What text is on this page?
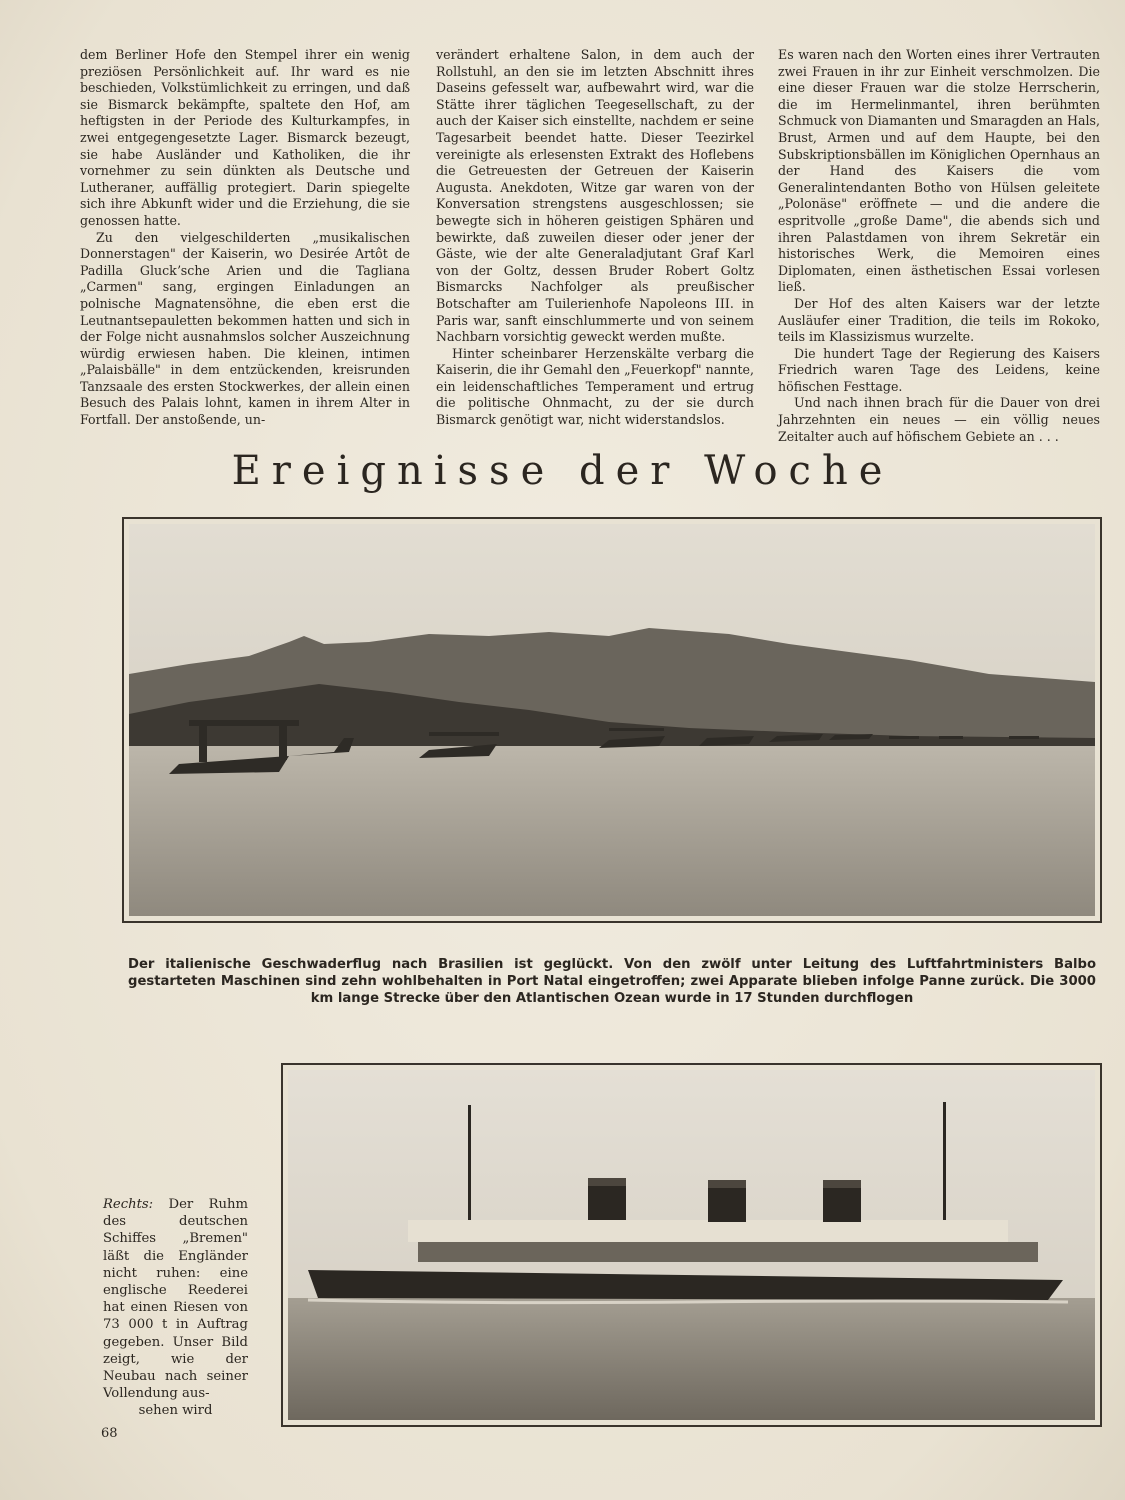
dem Berliner Hofe den Stempel ihrer ein wenig preziösen Persönlichkeit auf. Ihr ward es nie beschieden, Volkstümlichkeit zu erringen, und daß sie Bismarck bekämpfte, spaltete den Hof, am heftigsten in der Periode des Kulturkampfes, in zwei entgegengesetzte Lager. Bismarck bezeugt, sie habe Ausländer und Katholiken, die ihr vornehmer zu sein dünkten als Deutsche und Lutheraner, auffällig protegiert. Darin spiegelte sich ihre Abkunft wider und die Erziehung, die sie genossen hatte.

Zu den vielgeschilderten „musikalischen Donnerstagen" der Kaiserin, wo Desirée Artôt de Padilla Gluckʼsche Arien und die Tagliana „Carmen" sang, ergingen Einladungen an polnische Magnatensöhne, die eben erst die Leutnantsepauletten bekommen hatten und sich in der Folge nicht ausnahmslos solcher Auszeichnung würdig erwiesen haben. Die kleinen, intimen „Palaisbälle" in dem entzückenden, kreisrunden Tanzsaale des ersten Stockwerkes, der allein einen Besuch des Palais lohnt, kamen in ihrem Alter in Fortfall. Der anstoßende, un-

verändert erhaltene Salon, in dem auch der Rollstuhl, an den sie im letzten Abschnitt ihres Daseins gefesselt war, aufbewahrt wird, war die Stätte ihrer täglichen Teegesellschaft, zu der auch der Kaiser sich einstellte, nachdem er seine Tagesarbeit beendet hatte. Dieser Teezirkel vereinigte als erlesensten Extrakt des Hoflebens die Getreuesten der Getreuen der Kaiserin Augusta. Anekdoten, Witze gar waren von der Konversation strengstens ausgeschlossen; sie bewegte sich in höheren geistigen Sphären und bewirkte, daß zuweilen dieser oder jener der Gäste, wie der alte Generaladjutant Graf Karl von der Goltz, dessen Bruder Robert Goltz Bismarcks Nachfolger als preußischer Botschafter am Tuilerienhofe Napoleons III. in Paris war, sanft einschlummerte und von seinem Nachbarn vorsichtig geweckt werden mußte.

Hinter scheinbarer Herzenskälte verbarg die Kaiserin, die ihr Gemahl den „Feuerkopf" nannte, ein leidenschaftliches Temperament und ertrug die politische Ohnmacht, zu der sie durch Bismarck genötigt war, nicht widerstandslos.

Es waren nach den Worten eines ihrer Vertrauten zwei Frauen in ihr zur Einheit verschmolzen. Die eine dieser Frauen war die stolze Herrscherin, die im Hermelinmantel, ihren berühmten Schmuck von Diamanten und Smaragden an Hals, Brust, Armen und auf dem Haupte, bei den Subskriptionsbällen im Königlichen Opernhaus an der Hand des Kaisers die vom Generalintendanten Botho von Hülsen geleitete „Polonäse" eröffnete — und die andere die espritvolle „große Dame", die abends sich und ihren Palastdamen von ihrem Sekretär ein historisches Werk, die Memoiren eines Diplomaten, einen ästhetischen Essai vorlesen ließ.

Der Hof des alten Kaisers war der letzte Ausläufer einer Tradition, die teils im Rokoko, teils im Klassizismus wurzelte.

Die hundert Tage der Regierung des Kaisers Friedrich waren Tage des Leidens, keine höfischen Festtage.

Und nach ihnen brach für die Dauer von drei Jahrzehnten ein neues — ein völlig neues Zeitalter auch auf höfischem Gebiete an . . .

Ereignisse der Woche
Der italienische Geschwaderflug nach Brasilien ist geglückt. Von den zwölf unter Leitung des Luftfahrtministers Balbo gestarteten Maschinen sind zehn wohlbehalten in Port Natal eingetroffen; zwei Apparate blieben infolge Panne zurück. Die 3000 km lange Strecke über den Atlantischen Ozean wurde in 17 Stunden durchflogen
Rechts: Der Ruhm des deutschen Schiffes „Bremen" läßt die Engländer nicht ruhen: eine englische Reederei hat einen Riesen von 73 000 t in Auftrag gegeben. Unser Bild zeigt, wie der Neubau nach seiner Vollendung aus-
sehen wird
68
